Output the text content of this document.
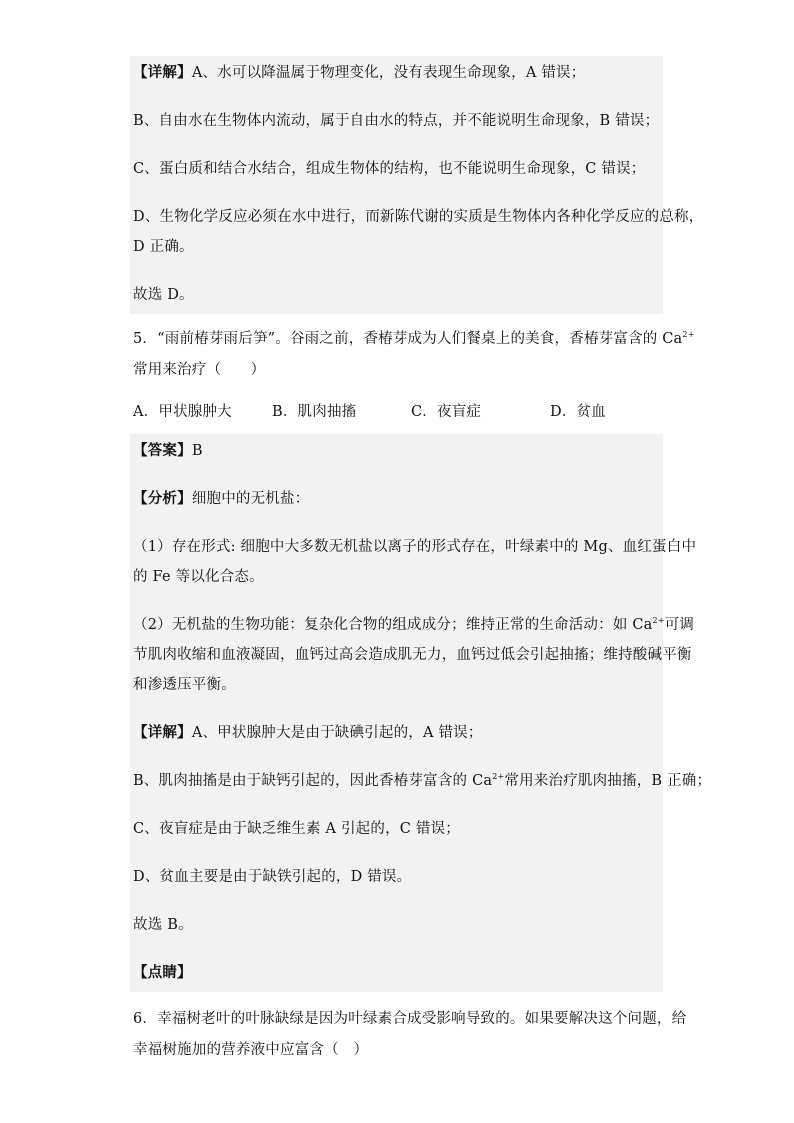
【详解】A、水可以降温属于物理变化，没有表现生命现象，A 错误；
B、自由水在生物体内流动，属于自由水的特点，并不能说明生命现象，B 错误；
C、蛋白质和结合水结合，组成生物体的结构，也不能说明生命现象，C 错误；
D、生物化学反应必须在水中进行，而新陈代谢的实质是生物体内各种化学反应的总称，
D 正确。
故选 D。
5．“雨前椿芽雨后笋”。谷雨之前，香椿芽成为人们餐桌上的美食，香椿芽富含的 $Ca^{2+}$
常用来治疗（　　）
A．甲状腺肿大	B．肌肉抽搐	C．夜盲症	D．贫血
【答案】B
【分析】细胞中的无机盐：
（1）存在形式: 细胞中大多数无机盐以离子的形式存在，叶绿素中的 Mg、血红蛋白中
的 Fe 等以化合态。
（2）无机盐的生物功能：复杂化合物的组成成分；维持正常的生命活动：如 $Ca^{2+}$可调
节肌肉收缩和血液凝固，血钙过高会造成肌无力，血钙过低会引起抽搐；维持酸碱平衡
和渗透压平衡。
【详解】A、甲状腺肿大是由于缺碘引起的，A 错误；
B、肌肉抽搐是由于缺钙引起的，因此香椿芽富含的 $Ca^{2+}$常用来治疗肌肉抽搐，B 正确；
C、夜盲症是由于缺乏维生素 A 引起的，C 错误；
D、贫血主要是由于缺铁引起的，D 错误。
故选 B。
【点睛】
6．幸福树老叶的叶脉缺绿是因为叶绿素合成受影响导致的。如果要解决这个问题，给
幸福树施加的营养液中应富含（　）
